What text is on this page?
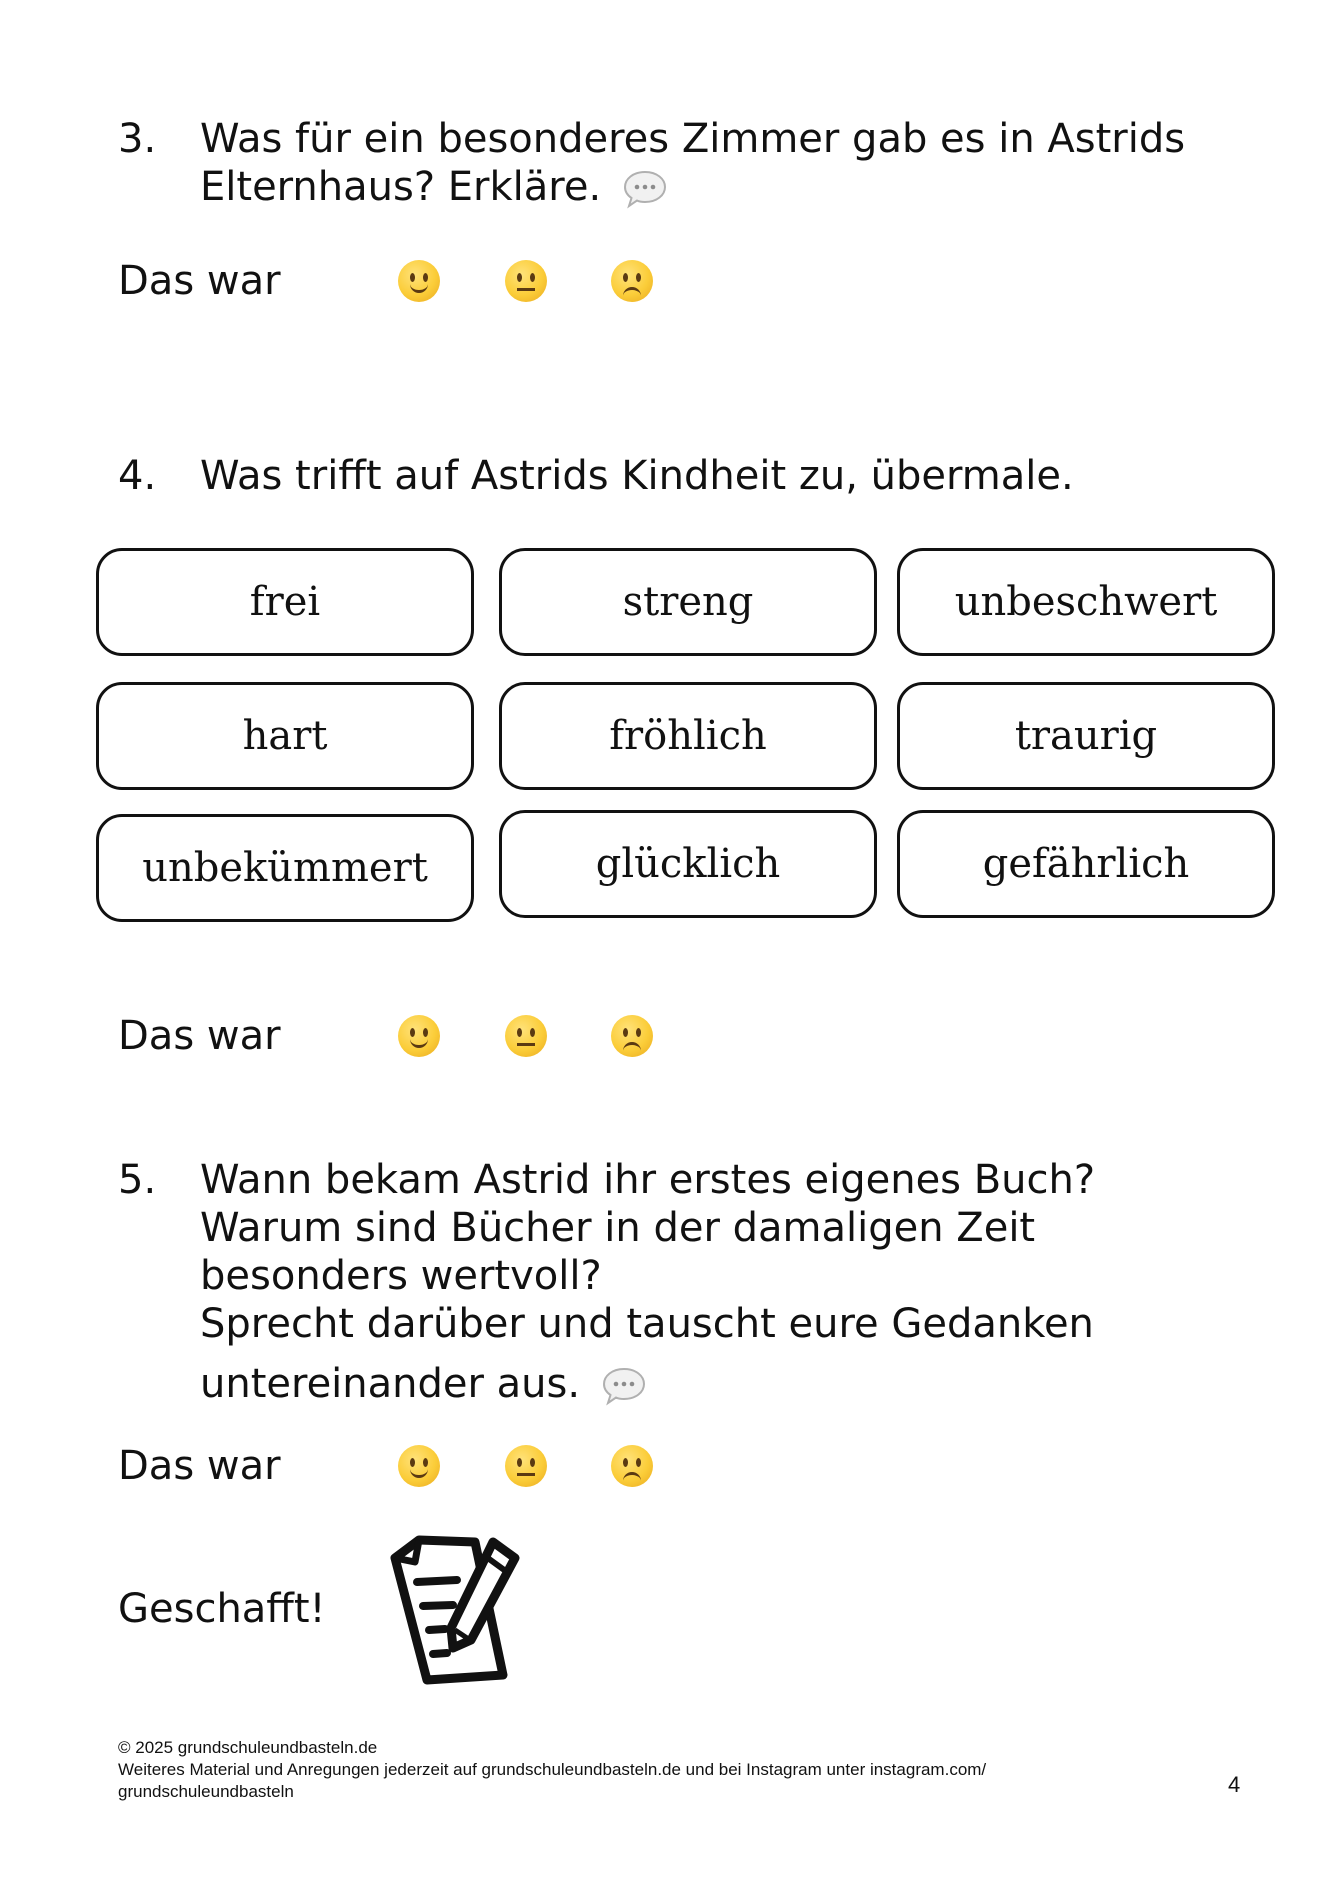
3. Was für ein besonderes Zimmer gab es in Astrids
Elternhaus? Erkläre.
Das war

4. Was trifft auf Astrids Kindheit zu, übermale.
frei	streng	unbeschwert
hart	fröhlich	traurig
unbekümmert	glücklich	gefährlich
Das war

5. Wann bekam Astrid ihr erstes eigenes Buch?
Warum sind Bücher in der damaligen Zeit
besonders wertvoll?
Sprecht darüber und tauscht eure Gedanken
untereinander aus.
Das war

Geschafft!
© 2025 grundschuleundbasteln.de
Weiteres Material und Anregungen jederzeit auf grundschuleundbasteln.de und bei Instagram unter instagram.com/
grundschuleundbasteln	4
